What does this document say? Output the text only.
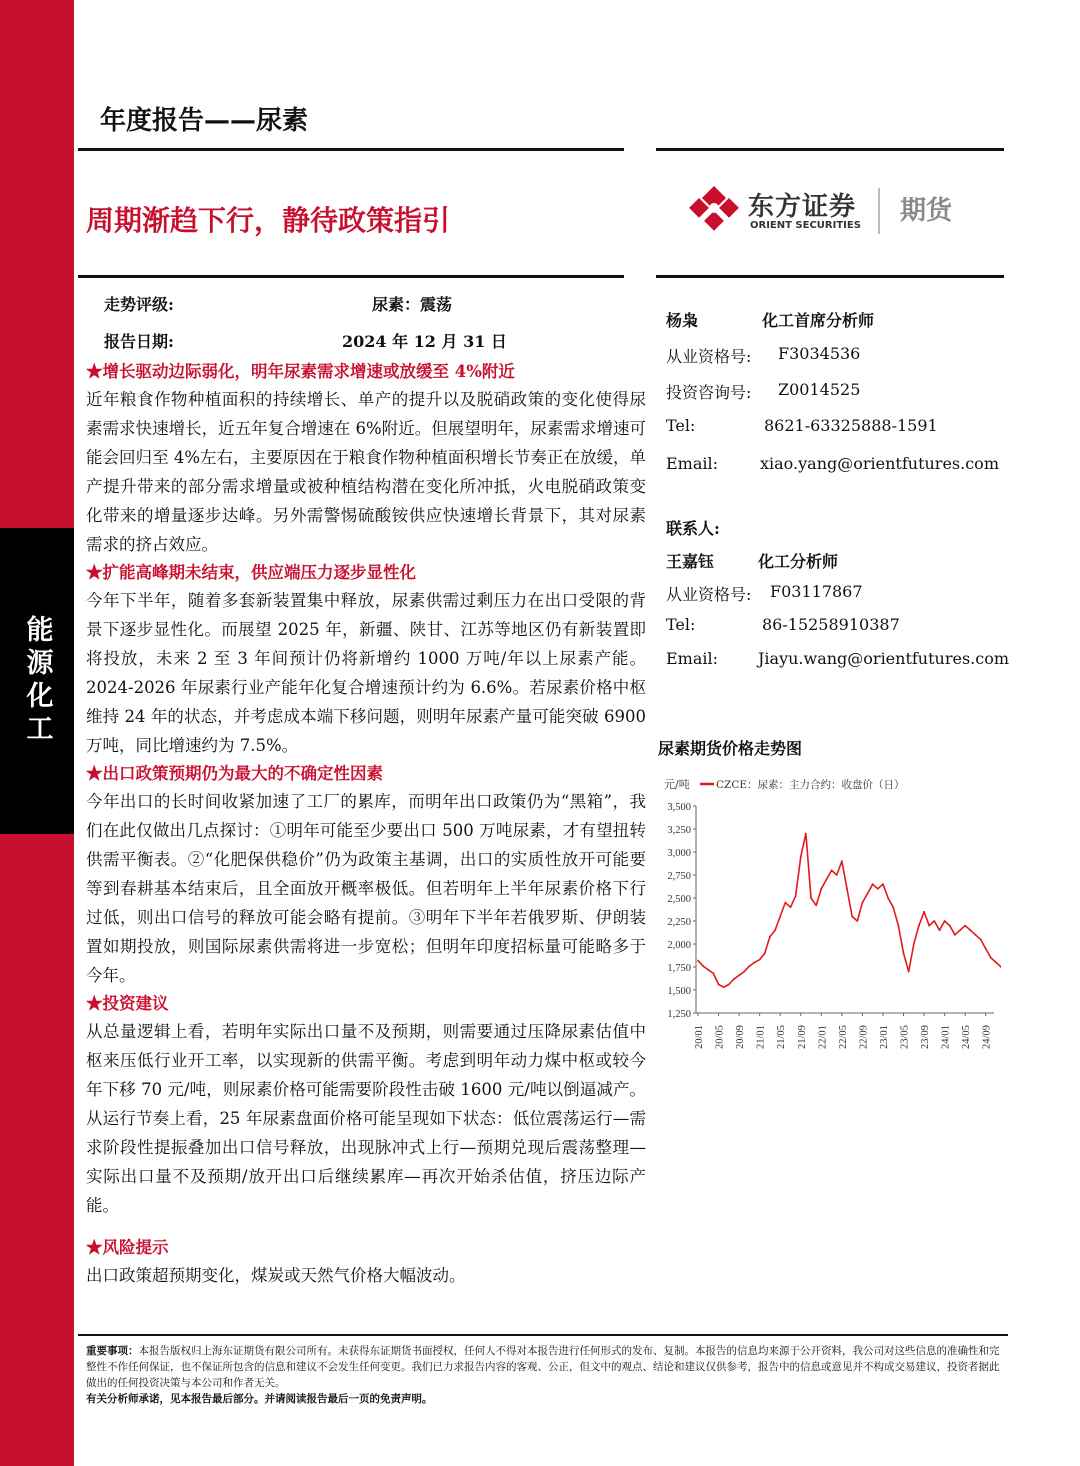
能源化工
年度报告——尿素
周期渐趋下行，静待政策指引	东方证券
ORIENT SECURITIES 期货
走势评级:	尿素：震荡
报告日期:	2024 年 12 月 31 日
★增长驱动边际弱化，明年尿素需求增速或放缓至 4%附近
近年粮食作物种植面积的持续增长、单产的提升以及脱硝政策的变化使得尿素需求快速增长，近五年复合增速在 6%附近。但展望明年，尿素需求增速可能会回归至 4%左右，主要原因在于粮食作物种植面积增长节奏正在放缓，单产提升带来的部分需求增量或被种植结构潜在变化所冲抵，火电脱硝政策变化带来的增量逐步达峰。另外需警惕硫酸铵供应快速增长背景下，其对尿素需求的挤占效应。
★扩能高峰期未结束，供应端压力逐步显性化
今年下半年，随着多套新装置集中释放，尿素供需过剩压力在出口受限的背景下逐步显性化。而展望 2025 年，新疆、陕甘、江苏等地区仍有新装置即将投放，未来 2 至 3 年间预计仍将新增约 1000 万吨/年以上尿素产能。2024-2026 年尿素行业产能年化复合增速预计约为 6.6%。若尿素价格中枢维持 24 年的状态，并考虑成本端下移问题，则明年尿素产量可能突破 6900 万吨，同比增速约为 7.5%。
★出口政策预期仍为最大的不确定性因素
今年出口的长时间收紧加速了工厂的累库，而明年出口政策仍为“黑箱”，我们在此仅做出几点探讨：①明年可能至少要出口 500 万吨尿素，才有望扭转供需平衡表。②“化肥保供稳价”仍为政策主基调，出口的实质性放开可能要等到春耕基本结束后，且全面放开概率极低。但若明年上半年尿素价格下行过低，则出口信号的释放可能会略有提前。③明年下半年若俄罗斯、伊朗装置如期投放，则国际尿素供需将进一步宽松；但明年印度招标量可能略多于今年。
★投资建议
从总量逻辑上看，若明年实际出口量不及预期，则需要通过压降尿素估值中枢来压低行业开工率，以实现新的供需平衡。考虑到明年动力煤中枢或较今年下移 70 元/吨，则尿素价格可能需要阶段性击破 1600 元/吨以倒逼减产。从运行节奏上看，25 年尿素盘面价格可能呈现如下状态：低位震荡运行—需求阶段性提振叠加出口信号释放，出现脉冲式上行—预期兑现后震荡整理—实际出口量不及预期/放开出口后继续累库—再次开始杀估值，挤压边际产能。
★风险提示
出口政策超预期变化，煤炭或天然气价格大幅波动。
杨枭	化工首席分析师
从业资格号: F3034536
投资咨询号: Z0014525
Tel:	8621-63325888-1591
Email:	xiao.yang@orientfutures.com
联系人:
王嘉钰	化工分析师
从业资格号: F03117867
Tel:	86-15258910387
Email: Jiayu.wang@orientfutures.com
尿素期货价格走势图
3,500
3,250
3,000
2,750
2,500
2,250
2,000
1,750
1,500
1,250
20/01 20/05 20/09 21/01 21/05 21/09 22/01 22/05 22/09 23/01 23/05 23/09 24/01 24/05 24/09
元/吨	CZCE：尿素：主力合约：收盘价（日）
重要事项：本报告版权归上海东证期货有限公司所有。未获得东证期货书面授权，任何人不得对本报告进行任何形式的发布、复制。本报告的信息均来源于公开资料，我公司对这些信息的准确性和完整性不作任何保证，也不保证所包含的信息和建议不会发生任何变更。我们已力求报告内容的客观、公正，但文中的观点、结论和建议仅供参考，报告中的信息或意见并不构成交易建议，投资者据此做出的任何投资决策与本公司和作者无关。
有关分析师承诺，见本报告最后部分。并请阅读报告最后一页的免责声明。
